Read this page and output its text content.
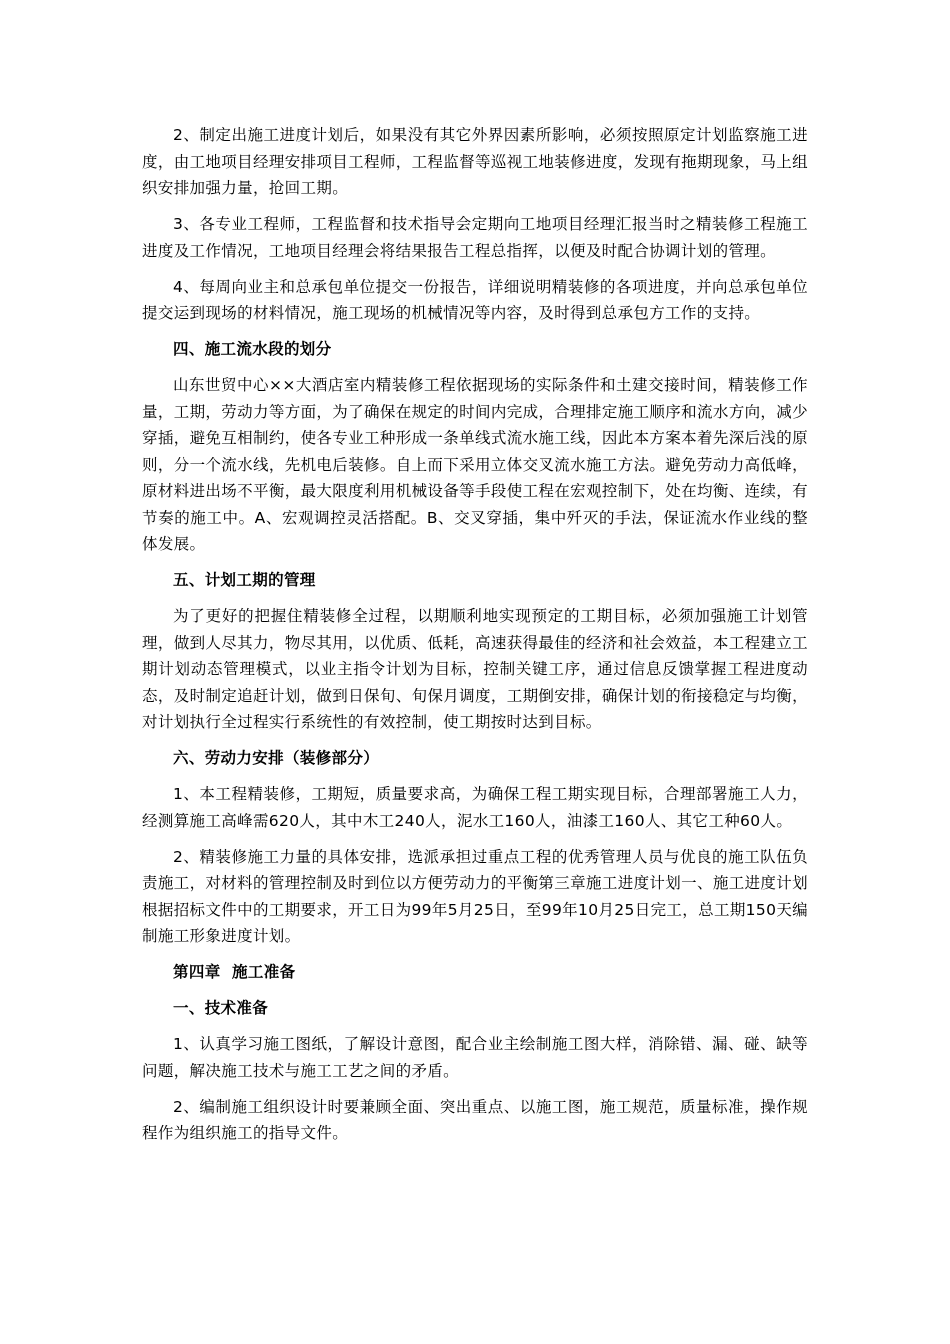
2、制定出施工进度计划后，如果没有其它外界因素所影响，必须按照原定计划监察施工进度，由工地项目经理安排项目工程师，工程监督等巡视工地装修进度，发现有拖期现象，马上组织安排加强力量，抢回工期。

3、各专业工程师，工程监督和技术指导会定期向工地项目经理汇报当时之精装修工程施工进度及工作情况，工地项目经理会将结果报告工程总指挥，以便及时配合协调计划的管理。

4、每周向业主和总承包单位提交一份报告，详细说明精装修的各项进度，并向总承包单位提交运到现场的材料情况，施工现场的机械情况等内容，及时得到总承包方工作的支持。

四、施工流水段的划分

山东世贸中心××大酒店室内精装修工程依据现场的实际条件和土建交接时间，精装修工作量，工期，劳动力等方面，为了确保在规定的时间内完成，合理排定施工顺序和流水方向，减少穿插，避免互相制约，使各专业工种形成一条单线式流水施工线，因此本方案本着先深后浅的原则，分一个流水线，先机电后装修。自上而下采用立体交叉流水施工方法。避免劳动力高低峰，原材料进出场不平衡，最大限度利用机械设备等手段使工程在宏观控制下，处在均衡、连续，有节奏的施工中。A、宏观调控灵活搭配。B、交叉穿插，集中歼灭的手法，保证流水作业线的整体发展。

五、计划工期的管理

为了更好的把握住精装修全过程，以期顺利地实现预定的工期目标，必须加强施工计划管理，做到人尽其力，物尽其用，以优质、低耗，高速获得最佳的经济和社会效益，本工程建立工期计划动态管理模式，以业主指令计划为目标，控制关键工序，通过信息反馈掌握工程进度动态，及时制定追赶计划，做到日保旬、旬保月调度，工期倒安排，确保计划的衔接稳定与均衡，对计划执行全过程实行系统性的有效控制，使工期按时达到目标。

六、劳动力安排（装修部分）

1、本工程精装修，工期短，质量要求高，为确保工程工期实现目标，合理部署施工人力，经测算施工高峰需620人，其中木工240人，泥水工160人，油漆工160人、其它工种60人。

2、精装修施工力量的具体安排，选派承担过重点工程的优秀管理人员与优良的施工队伍负责施工，对材料的管理控制及时到位以方便劳动力的平衡第三章施工进度计划一、施工进度计划根据招标文件中的工期要求，开工日为99年5月25日，至99年10月25日完工，总工期150天编制施工形象进度计划。

第四章  施工准备

一、技术准备

1、认真学习施工图纸，了解设计意图，配合业主绘制施工图大样，消除错、漏、碰、缺等问题，解决施工技术与施工工艺之间的矛盾。

2、编制施工组织设计时要兼顾全面、突出重点、以施工图，施工规范，质量标准，操作规程作为组织施工的指导文件。
